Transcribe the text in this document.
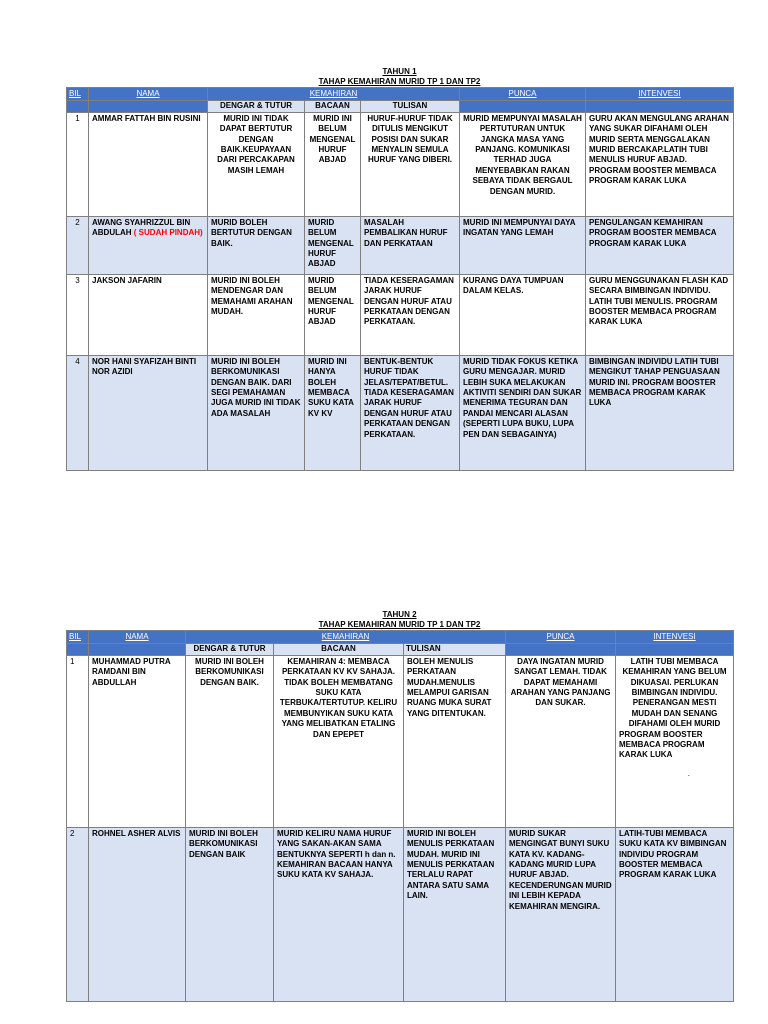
TAHUN 1
TAHAP KEMAHIRAN MURID TP 1 DAN TP2
BIL	NAMA	KEMAHIRAN			PUNCA	INTENVESI
		DENGAR & TUTUR	BACAAN	TULISAN		
1	AMMAR FATTAH BIN RUSINI	MURID INI TIDAK DAPAT BERTUTUR DENGAN BAIK.KEUPAYAAN DARI PERCAKAPAN MASIH LEMAH	MURID INI BELUM MENGENAL HURUF ABJAD	HURUF-HURUF TIDAK DITULIS MENGIKUT POSISI DAN SUKAR MENYALIN SEMULA HURUF YANG DIBERI.	MURID MEMPUNYAI MASALAH PERTUTURAN UNTUK JANGKA MASA YANG PANJANG. KOMUNIKASI TERHAD JUGA MENYEBABKAN RAKAN SEBAYA TIDAK BERGAUL DENGAN MURID.	GURU AKAN MENGULANG ARAHAN YANG SUKAR DIFAHAMI OLEH MURID SERTA MENGGALAKAN MURID BERCAKAP.LATIH TUBI MENULIS HURUF ABJAD. PROGRAM BOOSTER MEMBACA PROGRAM KARAK LUKA
2	AWANG SYAHRIZZUL BIN ABDULAH ( SUDAH PINDAH)	MURID BOLEH BERTUTUR DENGAN BAIK.	MURID BELUM MENGENAL HURUF ABJAD	MASALAH PEMBALIKAN HURUF DAN PERKATAAN	MURID INI MEMPUNYAI DAYA INGATAN YANG LEMAH	PENGULANGAN KEMAHIRAN PROGRAM BOOSTER MEMBACA PROGRAM KARAK LUKA
3	JAKSON JAFARIN	MURID INI BOLEH MENDENGAR DAN MEMAHAMI ARAHAN MUDAH.	MURID BELUM MENGENAL HURUF ABJAD	TIADA KESERAGAMAN JARAK HURUF DENGAN HURUF ATAU PERKATAAN DENGAN PERKATAAN.	KURANG DAYA TUMPUAN DALAM KELAS.	GURU MENGGUNAKAN FLASH KAD SECARA BIMBINGAN INDIVIDU. LATIH TUBI MENULIS. PROGRAM BOOSTER MEMBACA PROGRAM KARAK LUKA
4	NOR HANI SYAFIZAH BINTI NOR AZIDI	MURID INI BOLEH BERKOMUNIKASI DENGAN BAIK. DARI SEGI PEMAHAMAN JUGA MURID INI TIDAK ADA MASALAH	MURID INI HANYA BOLEH MEMBACA SUKU KATA KV KV	BENTUK-BENTUK HURUF TIDAK JELAS/TEPAT/BETUL. TIADA KESERAGAMAN JARAK HURUF DENGAN HURUF ATAU PERKATAAN DENGAN PERKATAAN.	MURID TIDAK FOKUS KETIKA GURU MENGAJAR. MURID LEBIH SUKA MELAKUKAN AKTIVITI SENDIRI DAN SUKAR MENERIMA TEGURAN DAN PANDAI MENCARI ALASAN (SEPERTI LUPA BUKU, LUPA PEN DAN SEBAGAINYA)	BIMBINGAN INDIVIDU LATIH TUBI MENGIKUT TAHAP PENGUASAAN MURID INI. PROGRAM BOOSTER MEMBACA PROGRAM KARAK LUKA
TAHUN 2
TAHAP KEMAHIRAN MURID TP 1 DAN TP2
BIL	NAMA	KEMAHIRAN			PUNCA	INTENVESI
		DENGAR & TUTUR	BACAAN	TULISAN		
1	MUHAMMAD PUTRA RAMDANI BIN ABDULLAH	MURID INI BOLEH BERKOMUNIKASI DENGAN BAIK.	KEMAHIRAN 4: MEMBACA PERKATAAN KV KV SAHAJA. TIDAK BOLEH MEMBATANG SUKU KATA TERBUKA/TERTUTUP. KELIRU MEMBUNYIKAN SUKU KATA YANG MELIBATKAN ETALING DAN EPEPET	BOLEH MENULIS PERKATAAN MUDAH.MENULIS MELAMPUI GARISAN RUANG MUKA SURAT YANG DITENTUKAN.	DAYA INGATAN MURID SANGAT LEMAH. TIDAK DAPAT MEMAHAMI ARAHAN YANG PANJANG DAN SUKAR.	LATIH TUBI MEMBACA KEMAHIRAN YANG BELUM DIKUASAI. PERLUKAN BIMBINGAN INDIVIDU. PENERANGAN MESTI MUDAH DAN SENANG DIFAHAMI OLEH MURID
PROGRAM BOOSTER MEMBACA PROGRAM KARAK LUKA
.

2	ROHNEL ASHER ALVIS	MURID INI BOLEH BERKOMUNIKASI DENGAN BAIK	MURID KELIRU NAMA HURUF YANG SAKAN-AKAN SAMA BENTUKNYA SEPERTI h dan n. KEMAHIRAN BACAAN HANYA SUKU KATA KV SAHAJA.	MURID INI BOLEH MENULIS PERKATAAN MUDAH. MURID INI MENULIS PERKATAAN TERLALU RAPAT ANTARA SATU SAMA LAIN.	MURID SUKAR MENGINGAT BUNYI SUKU KATA KV. KADANG-KADANG MURID LUPA HURUF ABJAD. KECENDERUNGAN MURID INI LEBIH KEPADA KEMAHIRAN MENGIRA.	LATIH-TUBI MEMBACA SUKU KATA KV BIMBINGAN INDIVIDU PROGRAM BOOSTER MEMBACA PROGRAM KARAK LUKA
